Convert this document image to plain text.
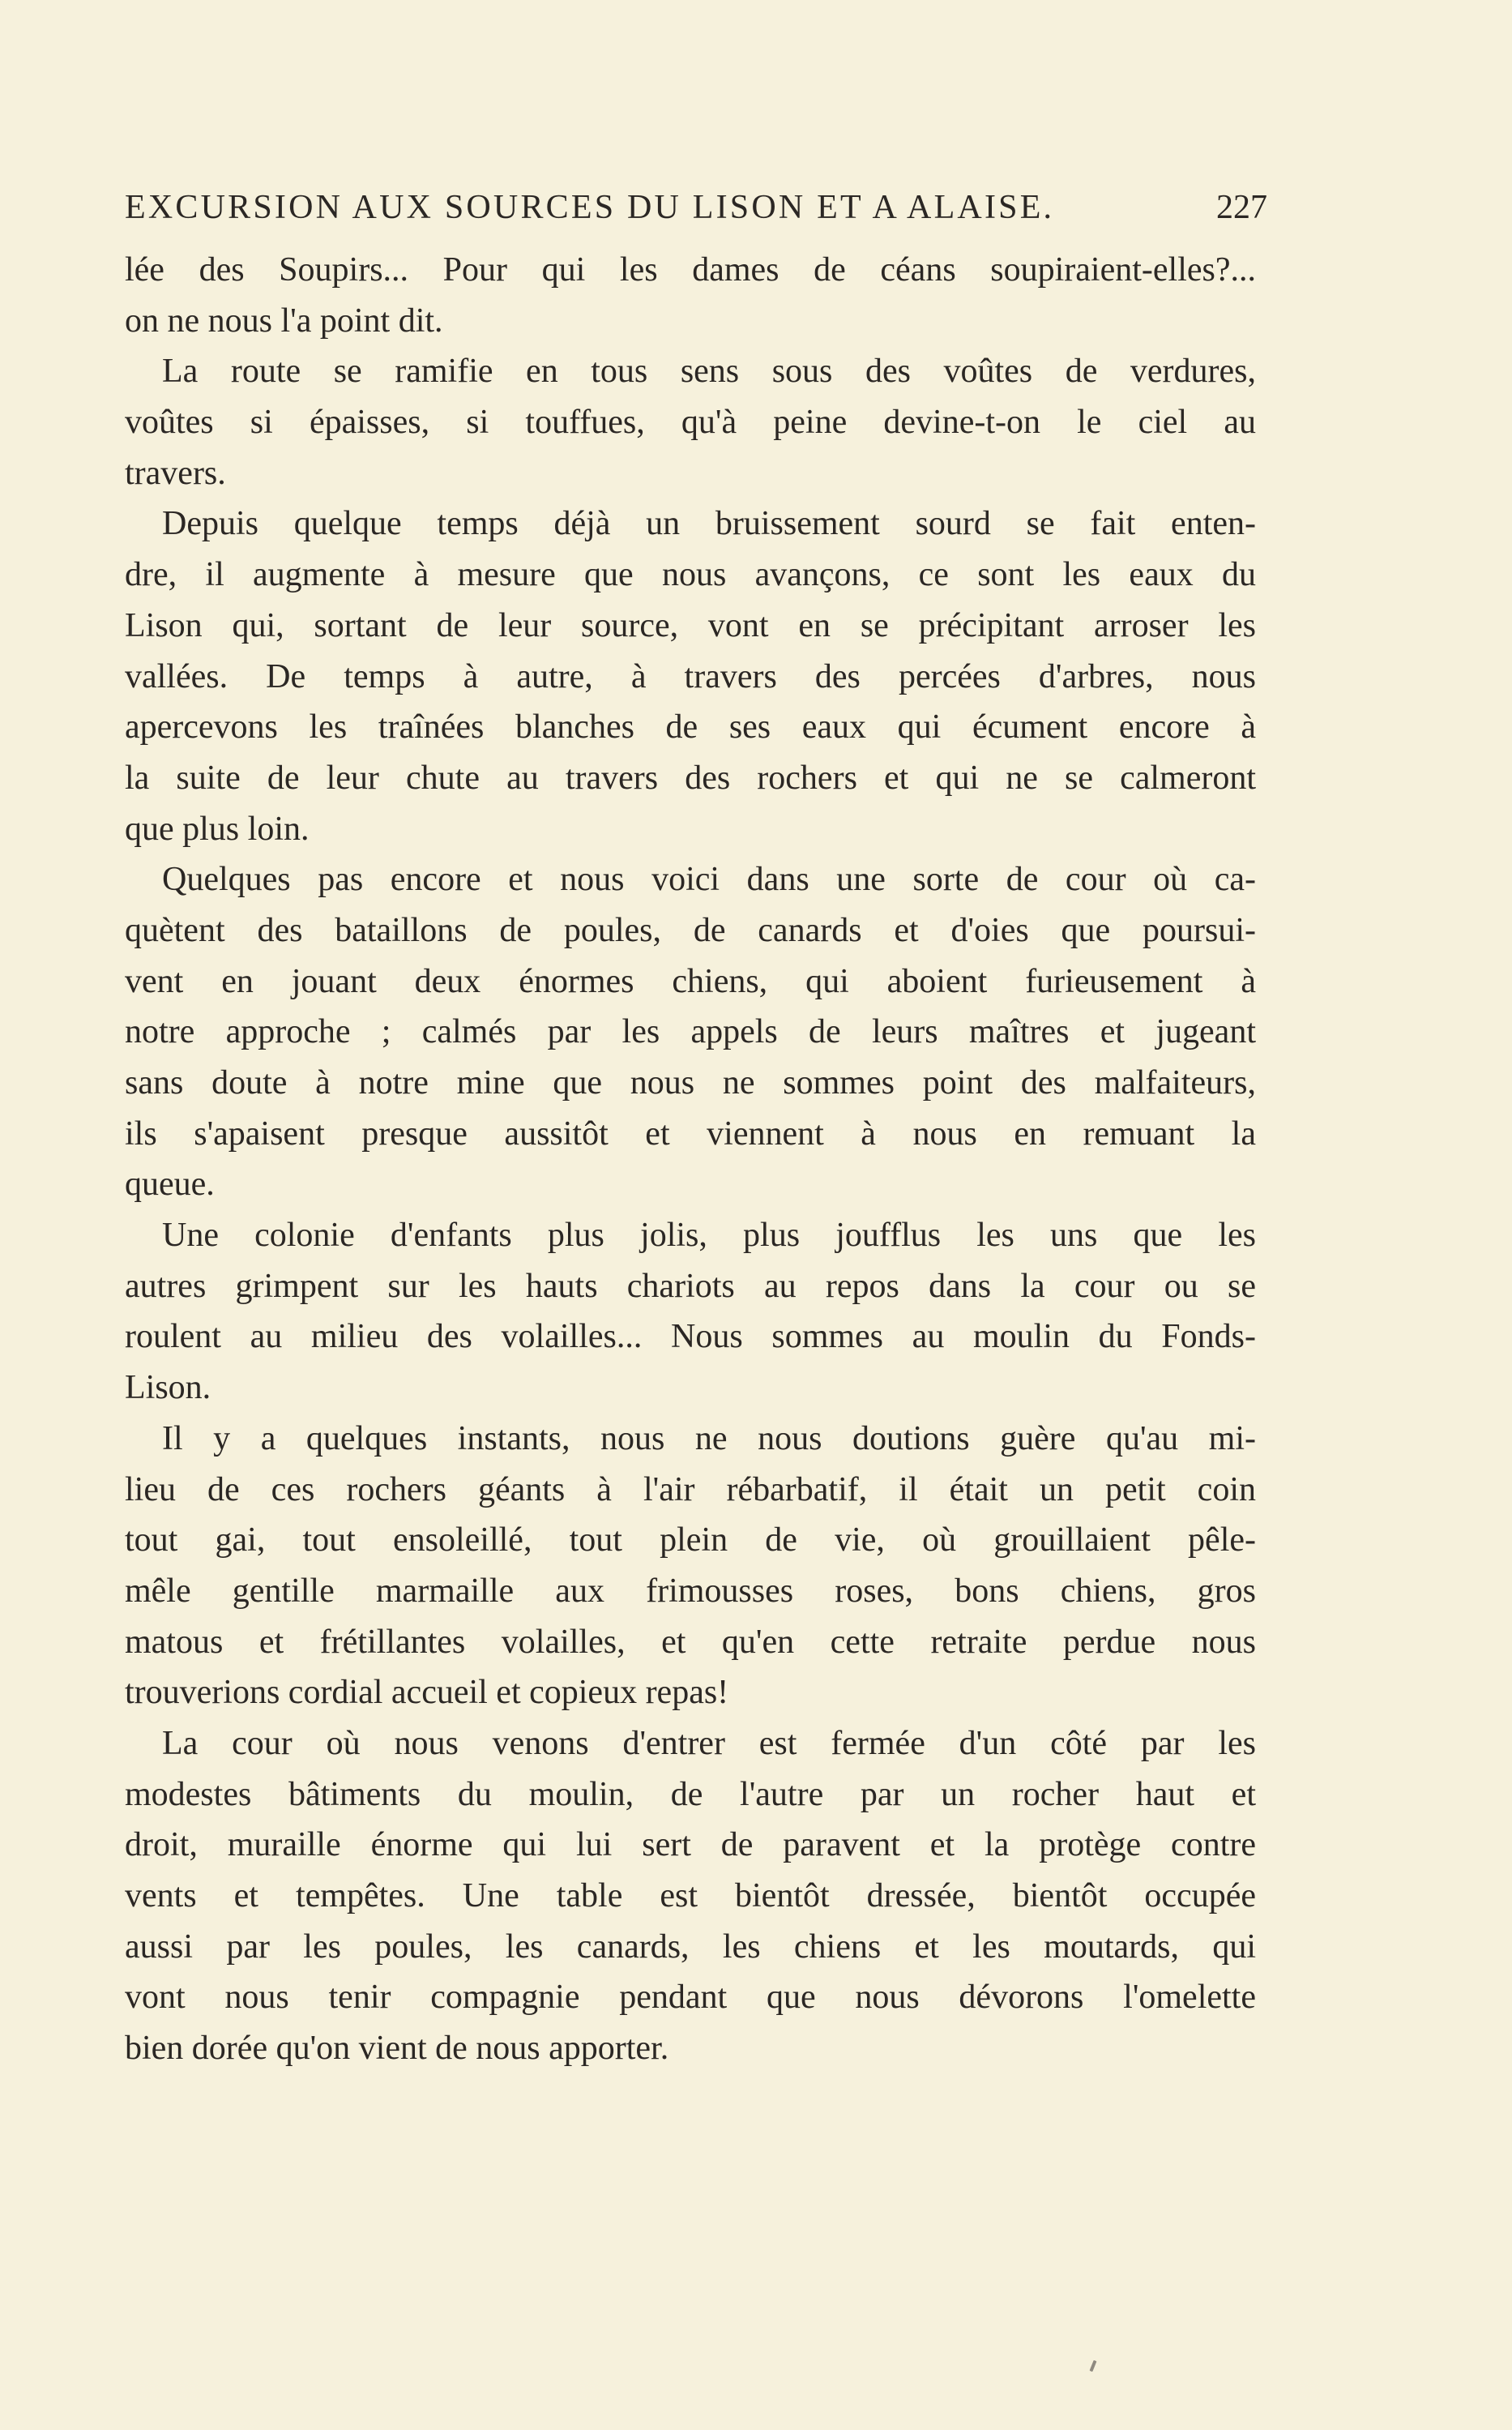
EXCURSION AUX SOURCES DU LISON ET A ALAISE.	227
lée des Soupirs... Pour qui les dames de céans soupiraient-elles?...
on ne nous l'a point dit.
La route se ramifie en tous sens sous des voûtes de verdures,
voûtes si épaisses, si touffues, qu'à peine devine-t-on le ciel au
travers.
Depuis quelque temps déjà un bruissement sourd se fait enten-
dre, il augmente à mesure que nous avançons, ce sont les eaux du
Lison qui, sortant de leur source, vont en se précipitant arroser les
vallées. De temps à autre, à travers des percées d'arbres, nous
apercevons les traînées blanches de ses eaux qui écument encore à
la suite de leur chute au travers des rochers et qui ne se calmeront
que plus loin.
Quelques pas encore et nous voici dans une sorte de cour où ca-
quètent des bataillons de poules, de canards et d'oies que poursui-
vent en jouant deux énormes chiens, qui aboient furieusement à
notre approche ; calmés par les appels de leurs maîtres et jugeant
sans doute à notre mine que nous ne sommes point des malfaiteurs,
ils s'apaisent presque aussitôt et viennent à nous en remuant la
queue.
Une colonie d'enfants plus jolis, plus joufflus les uns que les
autres grimpent sur les hauts chariots au repos dans la cour ou se
roulent au milieu des volailles... Nous sommes au moulin du Fonds-
Lison.
Il y a quelques instants, nous ne nous doutions guère qu'au mi-
lieu de ces rochers géants à l'air rébarbatif, il était un petit coin
tout gai, tout ensoleillé, tout plein de vie, où grouillaient pêle-
mêle gentille marmaille aux frimousses roses, bons chiens, gros
matous et frétillantes volailles, et qu'en cette retraite perdue nous
trouverions cordial accueil et copieux repas!
La cour où nous venons d'entrer est fermée d'un côté par les
modestes bâtiments du moulin, de l'autre par un rocher haut et
droit, muraille énorme qui lui sert de paravent et la protège contre
vents et tempêtes. Une table est bientôt dressée, bientôt occupée
aussi par les poules, les canards, les chiens et les moutards, qui
vont nous tenir compagnie pendant que nous dévorons l'omelette
bien dorée qu'on vient de nous apporter.
